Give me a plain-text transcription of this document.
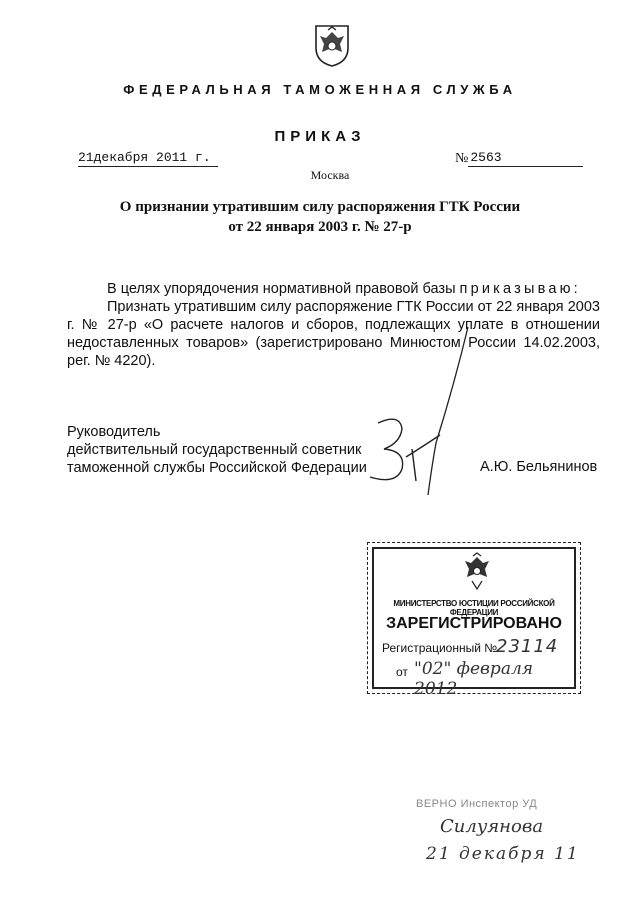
ФЕДЕРАЛЬНАЯ ТАМОЖЕННАЯ СЛУЖБА
ПРИКАЗ
21декабря 2011 г.	№ 2563
Москва
О признании утратившим силу распоряжения ГТК России
от 22 января 2003 г. № 27-р
В целях упорядочения нормативной правовой базы приказываю:
Признать утратившим силу распоряжение ГТК России от 22 января 2003 г. № 27-р «О расчете налогов и сборов, подлежащих уплате в отношении недоставленных товаров» (зарегистрировано Минюстом России 14.02.2003, рег. № 4220).
Руководитель
действительный государственный советник
таможенной службы Российской Федерации	А.Ю. Бельянинов
МИНИСТЕРСТВО ЮСТИЦИИ РОССИЙСКОЙ ФЕДЕРАЦИИ
ЗАРЕГИСТРИРОВАНО
Регистрационный №
23114
от "02" февраля 2012
ВЕРНО Инспектор УД
Силуянова
21 декабря 11
